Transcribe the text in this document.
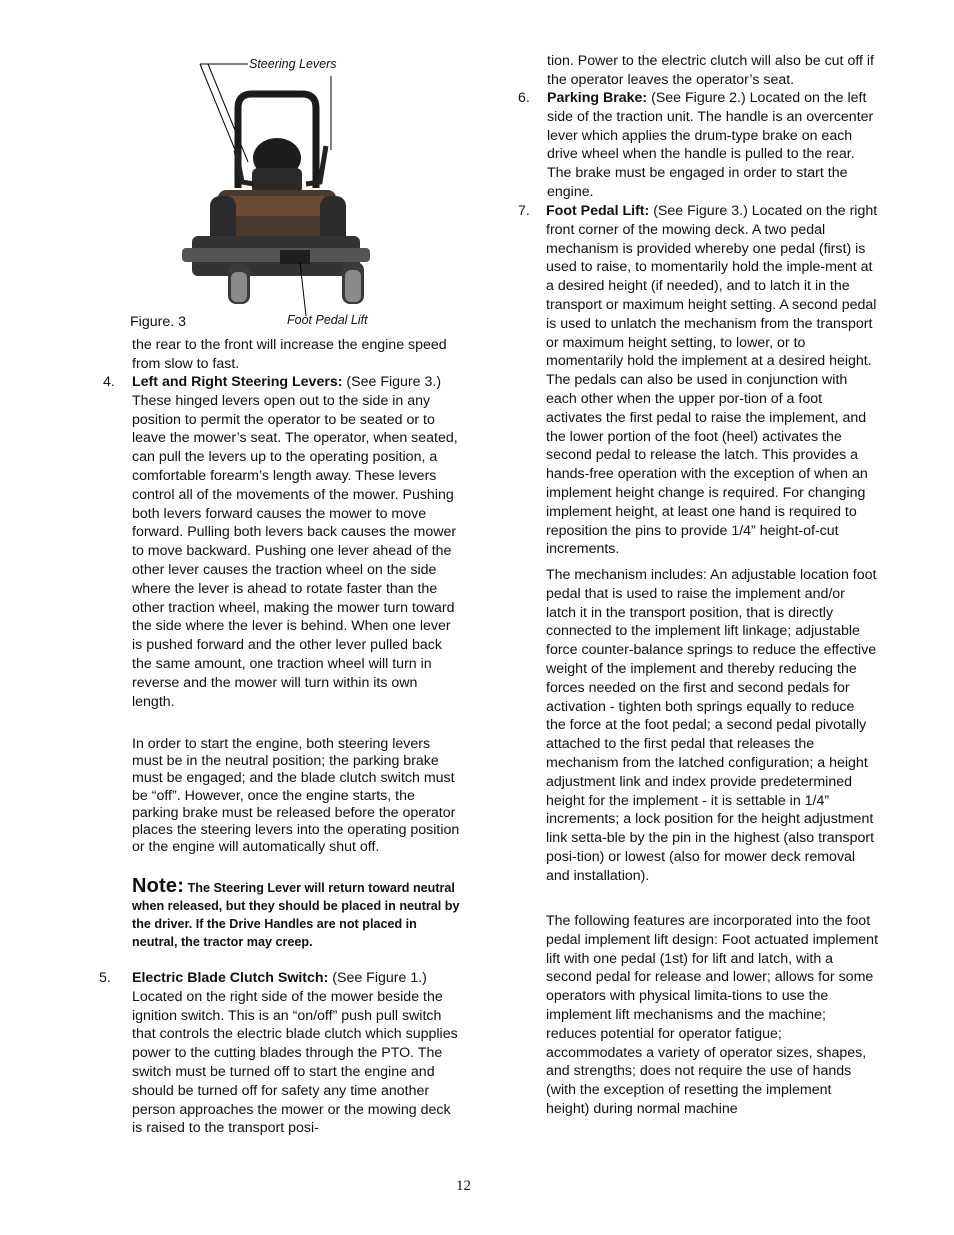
Steering Levers
Foot Pedal Lift
Figure. 3

the rear to the front will increase the engine speed from slow to fast.

4. Left and Right Steering Levers: (See Figure 3.) These hinged levers open out to the side in any position to permit the operator to be seated or to leave the mower’s seat. The operator, when seated, can pull the levers up to the operating position, a comfortable forearm’s length away. These levers control all of the movements of the mower. Pushing both levers forward causes the mower to move forward. Pulling both levers back causes the mower to move backward. Pushing one lever ahead of the other lever causes the traction wheel on the side where the lever is ahead to rotate faster than the other traction wheel, making the mower turn toward the side where the lever is behind. When one lever is pushed forward and the other lever pulled back the same amount, one traction wheel will turn in reverse and the mower will turn within its own length.

In order to start the engine, both steering levers must be in the neutral position; the parking brake must be engaged; and the blade clutch switch must be “off”. However, once the engine starts, the parking brake must be released before the operator places the steering levers into the operating position or the engine will automatically shut off.

Note: The Steering Lever will return toward neutral when released, but they should be placed in neutral by the driver. If the Drive Handles are not placed in neutral, the tractor may creep.

5. Electric Blade Clutch Switch: (See Figure 1.) Located on the right side of the mower beside the ignition switch. This is an “on/off” push pull switch that controls the electric blade clutch which supplies power to the cutting blades through the PTO. The switch must be turned off to start the engine and should be turned off for safety any time another person approaches the mower or the mowing deck is raised to the transport posi-

tion. Power to the electric clutch will also be cut off if the operator leaves the operator’s seat.

6. Parking Brake: (See Figure 2.) Located on the left side of the traction unit. The handle is an overcenter lever which applies the drum-type brake on each drive wheel when the handle is pulled to the rear. The brake must be engaged in order to start the engine.

7. Foot Pedal Lift: (See Figure 3.) Located on the right front corner of the mowing deck. A two pedal mechanism is provided whereby one pedal (first) is used to raise, to momentarily hold the imple-ment at a desired height (if needed), and to latch it in the transport or maximum height setting. A second pedal is used to unlatch the mechanism from the transport or maximum height setting, to lower, or to momentarily hold the implement at a desired height. The pedals can also be used in conjunction with each other when the upper por-tion of a foot activates the first pedal to raise the implement, and the lower portion of the foot (heel) activates the second pedal to release the latch. This provides a hands-free operation with the exception of when an implement height change is required. For changing implement height, at least one hand is required to reposition the pins to provide 1/4” height-of-cut increments.

The mechanism includes: An adjustable location foot pedal that is used to raise the implement and/or latch it in the transport position, that is directly connected to the implement lift linkage; adjustable force counter-balance springs to reduce the effective weight of the implement and thereby reducing the forces needed on the first and second pedals for activation - tighten both springs equally to reduce the force at the foot pedal; a second pedal pivotally attached to the first pedal that releases the mechanism from the latched configuration; a height adjustment link and index provide predetermined height for the implement - it is settable in 1/4” increments; a lock position for the height adjustment link setta-ble by the pin in the highest (also transport posi-tion) or lowest (also for mower deck removal and installation).

The following features are incorporated into the foot pedal implement lift design: Foot actuated implement lift with one pedal (1st) for lift and latch, with a second pedal for release and lower; allows for some operators with physical limita-tions to use the implement lift mechanisms and the machine; reduces potential for operator fatigue; accommodates a variety of operator sizes, shapes, and strengths; does not require the use of hands (with the exception of resetting the implement height) during normal machine

12
